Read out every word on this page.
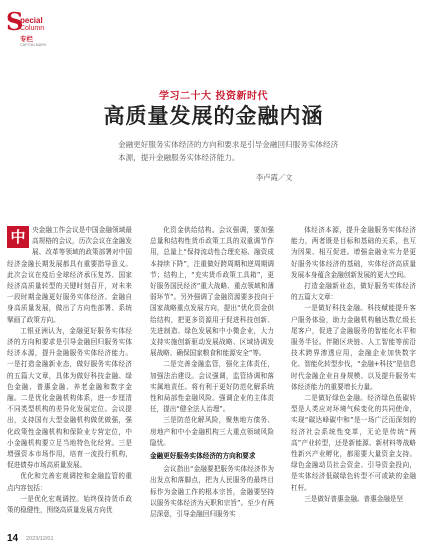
S
pecial
Column
专栏
CAPITALMARK
学习二十大 投资新时代
高质量发展的金融内涵
金融更好服务实体经济的方向和要求是引导金融回归服务实体经济本源，提升金融服务实体经济能力。
李卢霞／文

中 央金融工作会议是中国金融领域最高规格的会议，历次会议在金融发展、改革等领域的政策部署对中国经济金融长期发展都具有重要指导意义。此次会议在疫后全球经济承压复苏、国家经济高质量转型的关键时刻召开，对未来一段时期金融更好服务实体经济、金融自身高质量发展，做出了方向性部署、系统擘画了政策方向。

工银亚洲认为，金融更好服务实体经济的方向和要求是引导金融回归服务实体经济本源，提升金融服务实体经济能力。一是打造金融新业态，做好服务实体经济的五篇大文章，具体为做好科技金融、绿色金融、普惠金融、养老金融和数字金融。二是优化金融机构体系，进一步厘清不同类型机构的差异化发展定位。会议提出，支持国有大型金融机构做优做强，强化政策性金融机构和保险业专营定位，中小金融机构要立足当地特色化经营。三是增强资本市场作用，培育一流投行机构，促进债券市场高质量发展。

优化和完善宏观调控和金融监管的重点内容包括：

一是优化宏观调控。始终保持货币政策的稳健性，围绕高质量发展方向优

化资金供给结构。会议强调，要加强总量和结构性货币政策工具的双重调节作用，总量上“保持流动性合理充裕、融资成本持续下降”，注重做好跨周期和逆周期调节；结构上，“充实货币政策工具箱”，更好服务国民经济“重大战略、重点领域和薄弱环节”。另外强调了金融资源要多投向于国家战略重点发展方向，提出“优化资金供给结构，把更多资源用于促进科技创新、先进制造、绿色发展和中小微企业，大力支持实施创新驱动发展战略、区域协调发展战略、确保国家粮食和能源安全”等。

二是完善金融监管，强化主体责任，加强法治建设。会议强调，监管协调和落实属地责任。将有利于更好防范化解系统性和局部性金融风险。强调企业的主体责任，提出“健全法人治理”。

三是防范化解风险，聚焦地方债务、房地产和中小金融机构三大重点领域风险隐忧。

金融更好服务实体经济的方向和要求

会议指出“金融要把服务实体经济作为出发点和落脚点，把为人民服务的最终目标作为金融工作的根本宗旨，金融要坚持以服务实体经济为天职和宗旨”。至少有两层深意，引导金融回归服务实

体经济本源，提升金融服务实体经济能力，两者既是目标和基础的关系，也互为因果、相互促进。增强金融业实力是更好服务实体经济的基础，实体经济高质量发展本身蕴含金融创新发展的更大空间。

打造金融新业态，做好服务实体经济的五篇大文章：

一是做好科技金融。科技赋能提升客户服务体验，助力金融机构触达数亿级长尾客户，促进了金融服务的智能化水平和服务半径。伴随区块链、人工智能等前沿技术跨界渗透应用，金融企业加快数字化、智能化转型步伐，“金融+科技”是信息时代金融企业自身规模、以及提升服务实体经济能力的重要增长力量。

二是做好绿色金融。经济绿色低碳转型是人类应对环境气候变化的共同使命，实现“碳达峰碳中和”是一场广泛而深刻的经济社会系统性变革，无论是传统“两高”产业转型，还是新能源、新材料等战略性新兴产业孵化，都需要大量资金支持。绿色金融动员社会资金、引导资金投向，是实体经济低碳绿色转型不可或缺的金融杠杆。

三是做好普惠金融。普惠金融是坚

14 2023/12/01
